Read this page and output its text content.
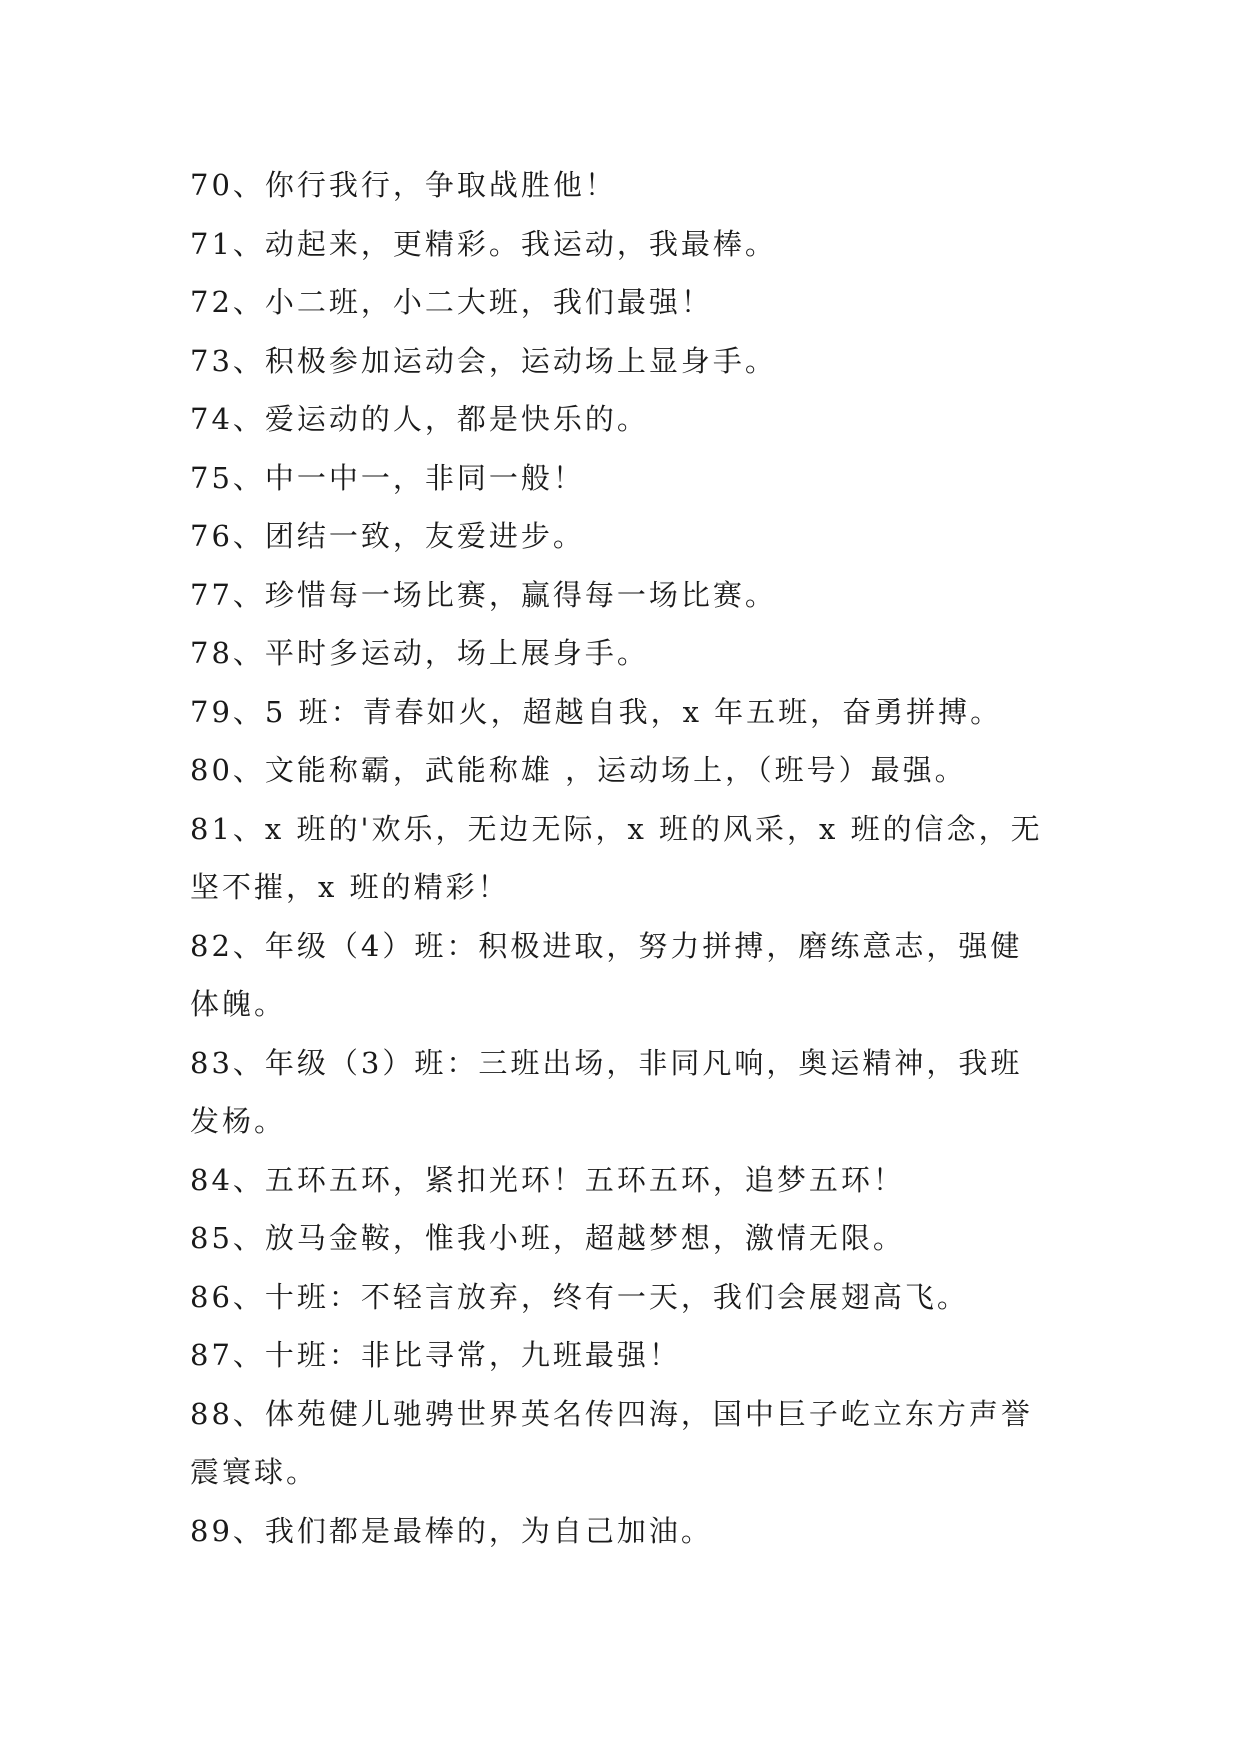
70、你行我行，争取战胜他！

71、动起来，更精彩。我运动，我最棒。

72、小二班，小二大班，我们最强！

73、积极参加运动会，运动场上显身手。

74、爱运动的人，都是快乐的。

75、中一中一，非同一般！

76、团结一致，友爱进步。

77、珍惜每一场比赛，赢得每一场比赛。

78、平时多运动，场上展身手。

79、5 班：青春如火，超越自我，x 年五班，奋勇拼搏。

80、文能称霸，武能称雄 ，运动场上，（班号）最强。

81、x 班的'欢乐，无边无际，x 班的风采，x 班的信念，无

坚不摧，x 班的精彩！

82、年级（4）班：积极进取，努力拼搏，磨练意志，强健

体魄。

83、年级（3）班：三班出场，非同凡响，奥运精神，我班

发杨。

84、五环五环，紧扣光环！五环五环，追梦五环！

85、放马金鞍，惟我小班，超越梦想，激情无限。

86、十班：不轻言放弃，终有一天，我们会展翅高飞。

87、十班：非比寻常，九班最强！

88、体苑健儿驰骋世界英名传四海，国中巨子屹立东方声誉

震寰球。

89、我们都是最棒的，为自己加油。
